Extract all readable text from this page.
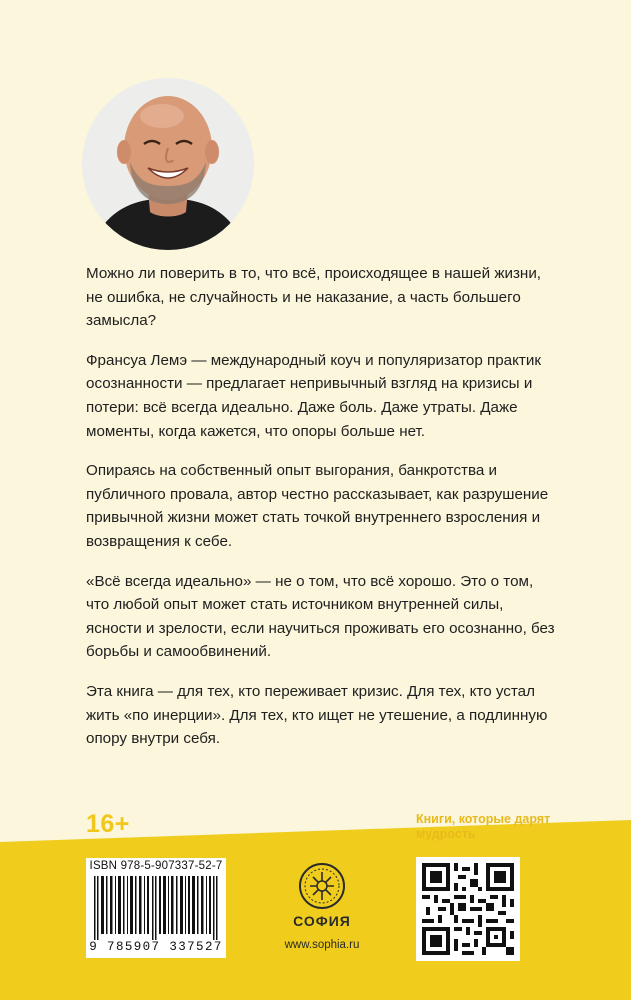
Можно ли поверить в то, что всё, происходящее в нашей жизни, не ошибка, не случайность и не наказание, а часть большего замысла?

Франсуа Лемэ — международный коуч и популяризатор практик осознанности — предлагает непривычный взгляд на кризисы и потери: всё всегда идеально. Даже боль. Даже утраты. Даже моменты, когда кажется, что опоры больше нет.

Опираясь на собственный опыт выгорания, банкротства и публичного провала, автор честно рассказывает, как разрушение привычной жизни может стать точкой внутреннего взросления и возвращения к себе.

«Всё всегда идеально» — не о том, что всё хорошо. Это о том, что любой опыт может стать источником внутренней силы, ясности и зрелости, если научиться проживать его осознанно, без борьбы и самообвинений.

Эта книга — для тех, кто переживает кризис. Для тех, кто устал жить «по инерции». Для тех, кто ищет не утешение, а подлинную опору внутри себя.

16+	Книги, которые дарят мудрость
ISBN 978-5-907337-52-7
9 785907 337527
СОФИЯ
www.sophia.ru
